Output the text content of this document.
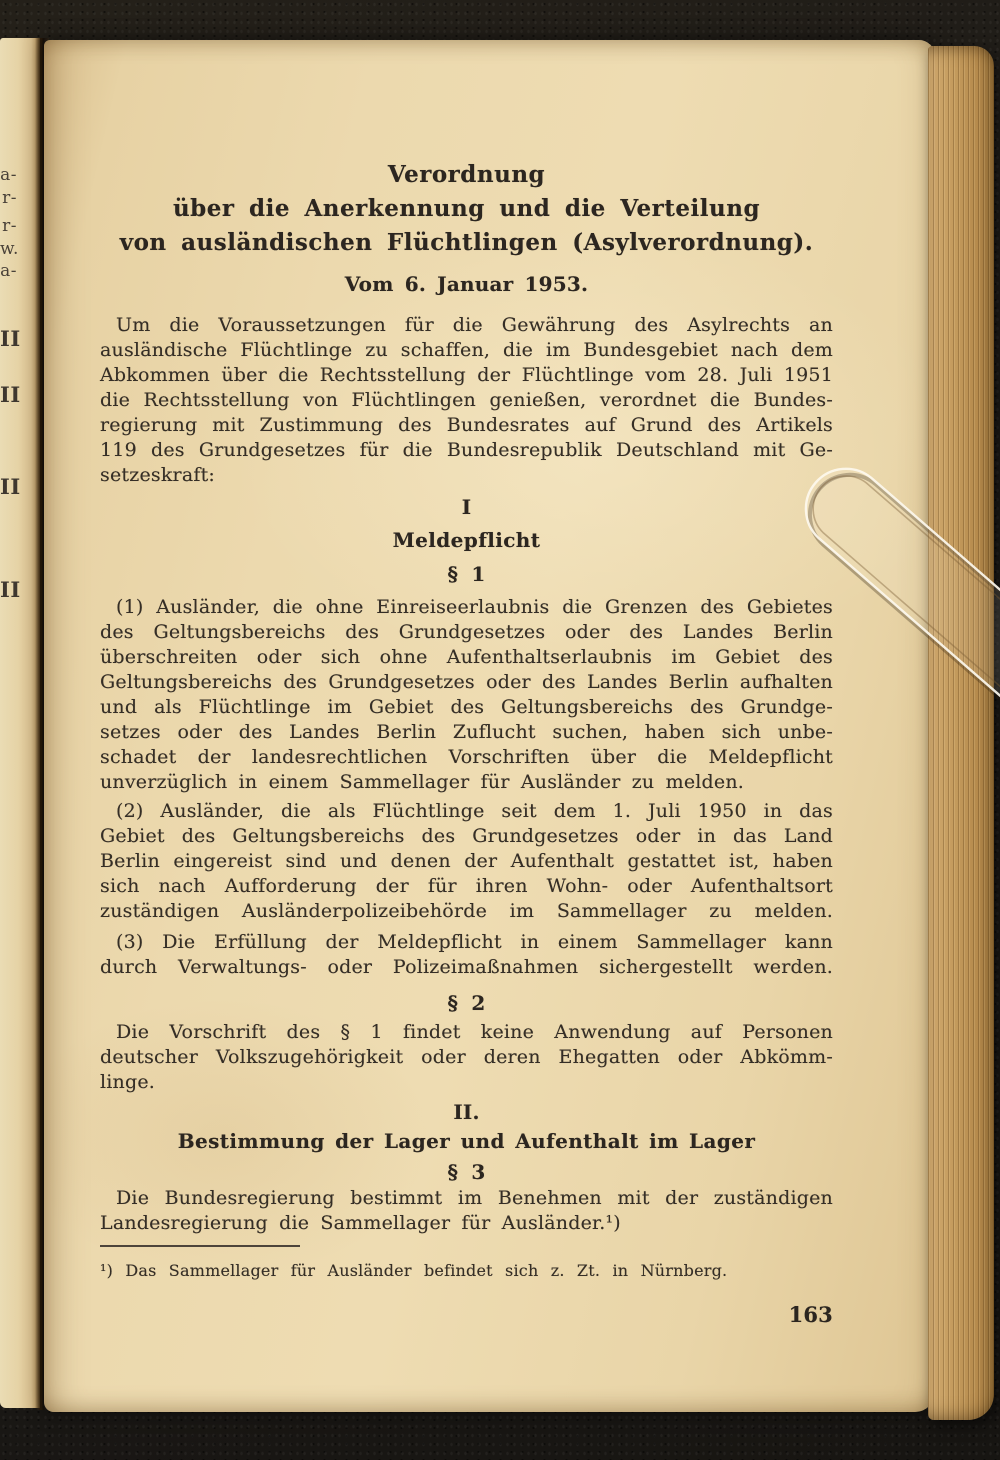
a-
r-
r-
w.
a-
II
II
II
II
Verordnung
über die Anerkennung und die Verteilung
von ausländischen Flüchtlingen (Asylverordnung).
Vom 6. Januar 1953.
Um die Voraussetzungen für die Gewährung des Asylrechts an
ausländische Flüchtlinge zu schaffen, die im Bundesgebiet nach dem
Abkommen über die Rechtsstellung der Flüchtlinge vom 28. Juli 1951
die Rechtsstellung von Flüchtlingen genießen, verordnet die Bundes-
regierung mit Zustimmung des Bundesrates auf Grund des Artikels
119 des Grundgesetzes für die Bundesrepublik Deutschland mit Ge-
setzeskraft:
I
Meldepflicht
§ 1
(1) Ausländer, die ohne Einreiseerlaubnis die Grenzen des Gebietes
des Geltungsbereichs des Grundgesetzes oder des Landes Berlin
überschreiten oder sich ohne Aufenthaltserlaubnis im Gebiet des
Geltungsbereichs des Grundgesetzes oder des Landes Berlin aufhalten
und als Flüchtlinge im Gebiet des Geltungsbereichs des Grundge-
setzes oder des Landes Berlin Zuflucht suchen, haben sich unbe-
schadet der landesrechtlichen Vorschriften über die Meldepflicht
unverzüglich in einem Sammellager für Ausländer zu melden.
(2) Ausländer, die als Flüchtlinge seit dem 1. Juli 1950 in das
Gebiet des Geltungsbereichs des Grundgesetzes oder in das Land
Berlin eingereist sind und denen der Aufenthalt gestattet ist, haben
sich nach Aufforderung der für ihren Wohn- oder Aufenthaltsort
zuständigen Ausländerpolizeibehörde im Sammellager zu melden.
(3) Die Erfüllung der Meldepflicht in einem Sammellager kann
durch Verwaltungs- oder Polizeimaßnahmen sichergestellt werden.
§ 2
Die Vorschrift des § 1 findet keine Anwendung auf Personen
deutscher Volkszugehörigkeit oder deren Ehegatten oder Abkömm-
linge.
II.
Bestimmung der Lager und Aufenthalt im Lager
§ 3
Die Bundesregierung bestimmt im Benehmen mit der zuständigen
Landesregierung die Sammellager für Ausländer.¹)
¹) Das Sammellager für Ausländer befindet sich z. Zt. in Nürnberg.
163
